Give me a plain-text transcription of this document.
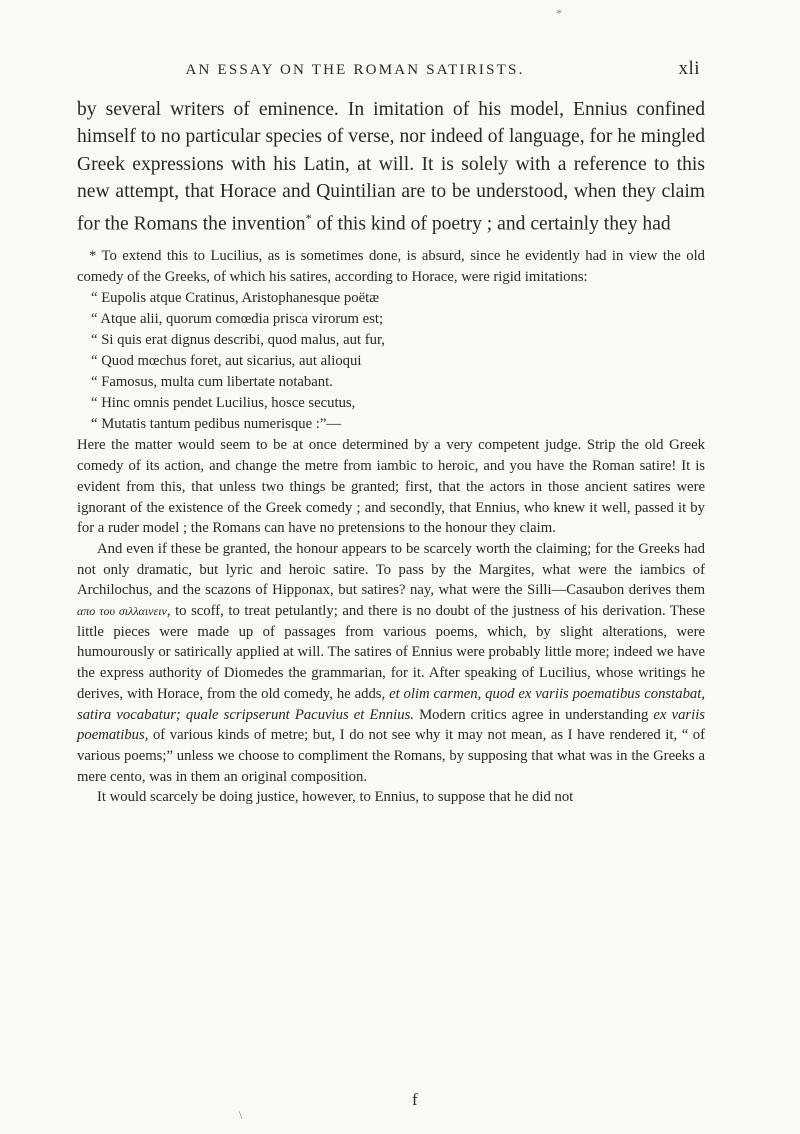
*
AN ESSAY ON THE ROMAN SATIRISTS.	xli

by several writers of eminence. In imitation of his model, Ennius confined himself to no particular species of verse, nor indeed of language, for he mingled Greek expressions with his Latin, at will. It is solely with a reference to this new attempt, that Horace and Quintilian are to be understood, when they claim for the Romans the invention* of this kind of poetry ; and certainly they had

* To extend this to Lucilius, as is sometimes done, is absurd, since he evidently had in view the old comedy of the Greeks, of which his satires, according to Horace, were rigid imitations:

“ Eupolis atque Cratinus, Aristophanesque poëtæ
“ Atque alii, quorum comœdia prisca virorum est;
“ Si quis erat dignus describi, quod malus, aut fur,
“ Quod mœchus foret, aut sicarius, aut alioqui
“ Famosus, multa cum libertate notabant.
“ Hinc omnis pendet Lucilius, hosce secutus,
“ Mutatis tantum pedibus numerisque :”—

Here the matter would seem to be at once determined by a very competent judge. Strip the old Greek comedy of its action, and change the metre from iambic to heroic, and you have the Roman satire! It is evident from this, that unless two things be granted; first, that the actors in those ancient satires were ignorant of the existence of the Greek comedy ; and secondly, that Ennius, who knew it well, passed it by for a ruder model ; the Romans can have no pretensions to the honour they claim.

And even if these be granted, the honour appears to be scarcely worth the claiming; for the Greeks had not only dramatic, but lyric and heroic satire. To pass by the Margites, what were the iambics of Archilochus, and the scazons of Hipponax, but satires? nay, what were the Silli—Casaubon derives them απο του σιλλαινειν, to scoff, to treat petulantly; and there is no doubt of the justness of his derivation. These little pieces were made up of passages from various poems, which, by slight alterations, were humourously or satirically applied at will. The satires of Ennius were probably little more; indeed we have the express authority of Diomedes the grammarian, for it. After speaking of Lucilius, whose writings he derives, with Horace, from the old comedy, he adds, et olim carmen, quod ex variis poematibus constabat, satira vocabatur; quale scripserunt Pacuvius et Ennius. Modern critics agree in understanding ex variis poematibus, of various kinds of metre; but, I do not see why it may not mean, as I have rendered it, “ of various poems;” unless we choose to compliment the Romans, by supposing that what was in the Greeks a mere cento, was in them an original composition.

It would scarcely be doing justice, however, to Ennius, to suppose that he did not

\
f
